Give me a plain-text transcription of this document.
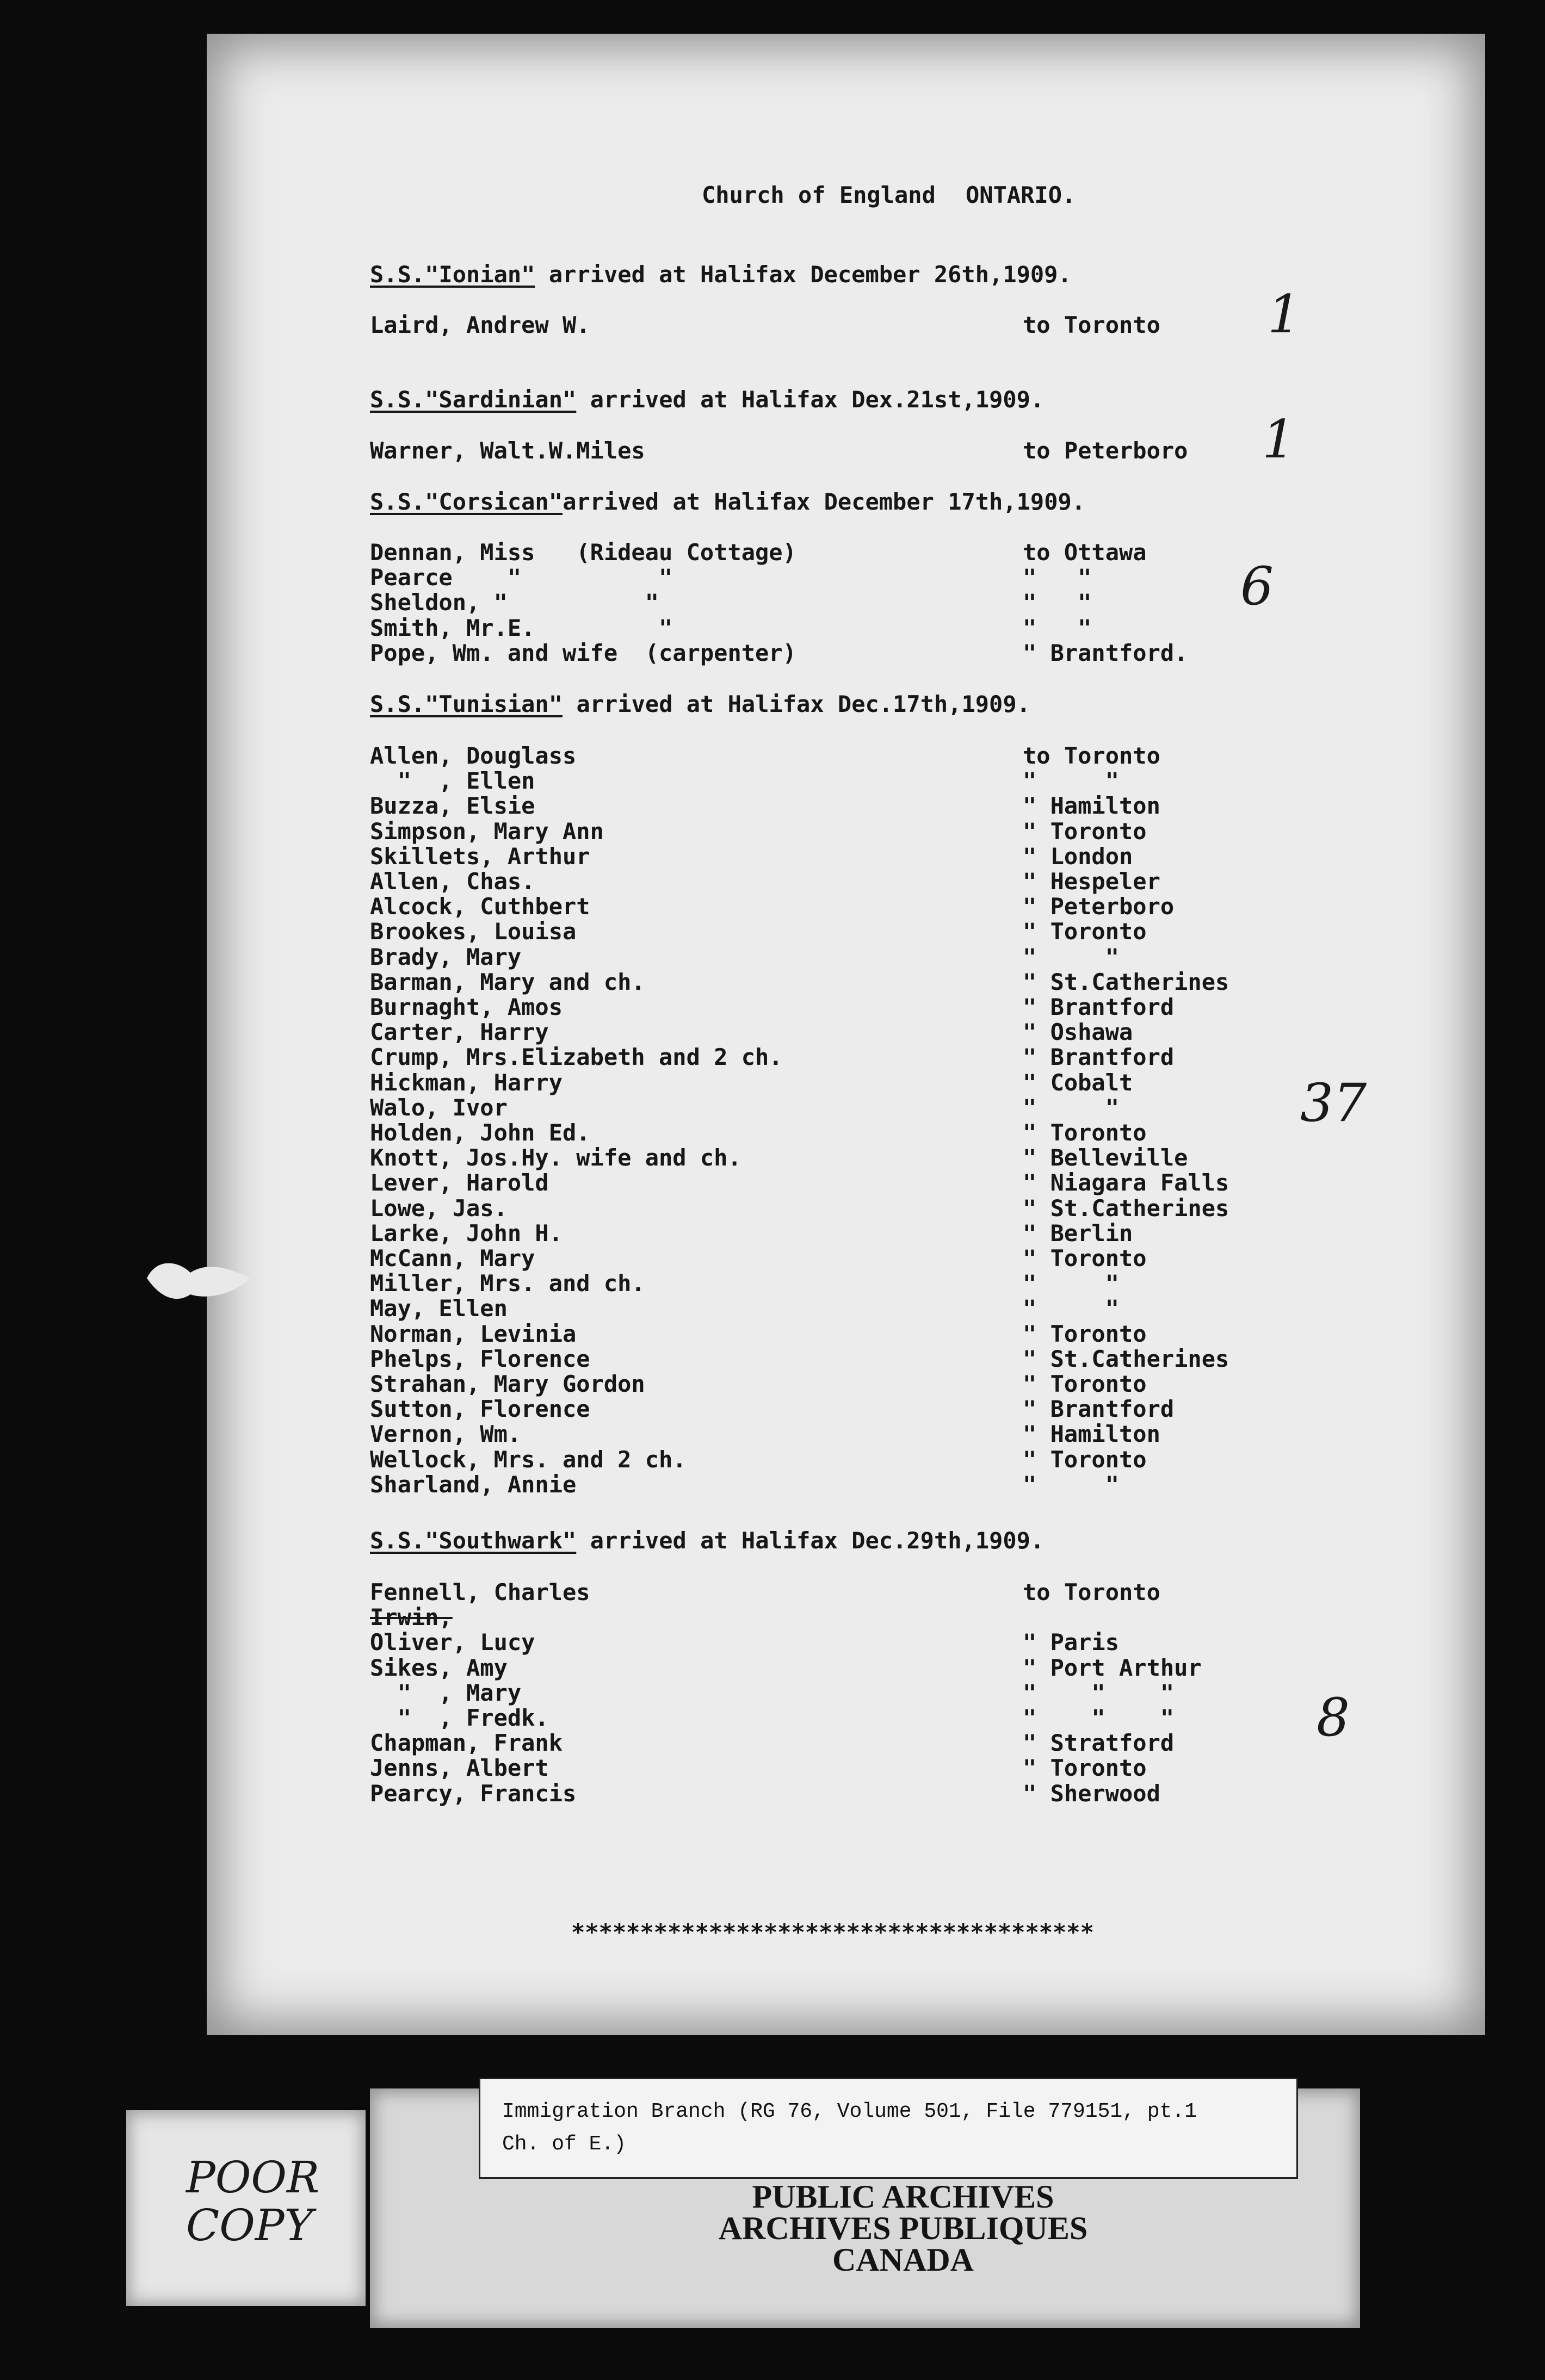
Church of England ONTARIO.
S.S."Ionian" arrived at Halifax December 26th,1909.
Laird, Andrew W.	to Toronto 1
S.S."Sardinian" arrived at Halifax Dex.21st,1909.
Warner, Walt.W.Miles	to Peterboro 1
S.S."Corsican" arrived at Halifax December 17th,1909.
Dennan, Miss   (Rideau Cottage)	to Ottawa
Pearce    "          "	"   "
Sheldon, "          "	"   "
Smith, Mr.E.         "	"   "
Pope, Wm. and wife  (carpenter)	" Brantford.
6
S.S."Tunisian" arrived at Halifax Dec.17th,1909.
Allen, Douglass	to Toronto
"  , Ellen	"     "
Buzza, Elsie	" Hamilton
Simpson, Mary Ann	" Toronto
Skillets, Arthur	" London
Allen, Chas.	" Hespeler
Alcock, Cuthbert	" Peterboro
Brookes, Louisa	" Toronto
Brady, Mary	"     "
Barman, Mary and ch.	" St.Catherines
Burnaght, Amos	" Brantford
Carter, Harry	" Oshawa
Crump, Mrs.Elizabeth and 2 ch.	" Brantford
Hickman, Harry	" Cobalt
Walo, Ivor	"     "
Holden, John Ed.	" Toronto
Knott, Jos.Hy. wife and ch.	" Belleville
Lever, Harold	" Niagara Falls
Lowe, Jas.	" St.Catherines
Larke, John H.	" Berlin
McCann, Mary	" Toronto
Miller, Mrs. and ch.	"     "
May, Ellen	"     "
Norman, Levinia	" Toronto
Phelps, Florence	" St.Catherines
Strahan, Mary Gordon	" Toronto
Sutton, Florence	" Brantford
Vernon, Wm.	" Hamilton
Wellock, Mrs. and 2 ch.	" Toronto
Sharland, Annie	"     "
37
S.S."Southwark" arrived at Halifax Dec.29th,1909.
Fennell, Charles	to Toronto
Irwin,
Oliver, Lucy	" Paris
Sikes, Amy	" Port Arthur
"  , Mary	"    "    "
"  , Fredk.	"    "    "
Chapman, Frank	" Stratford
Jenns, Albert	" Toronto
Pearcy, Francis	" Sherwood
8
**************************************
POOR COPY
Immigration Branch (RG 76, Volume 501, File 779151, pt.1
Ch. of E.)
PUBLIC ARCHIVES
ARCHIVES PUBLIQUES
CANADA
